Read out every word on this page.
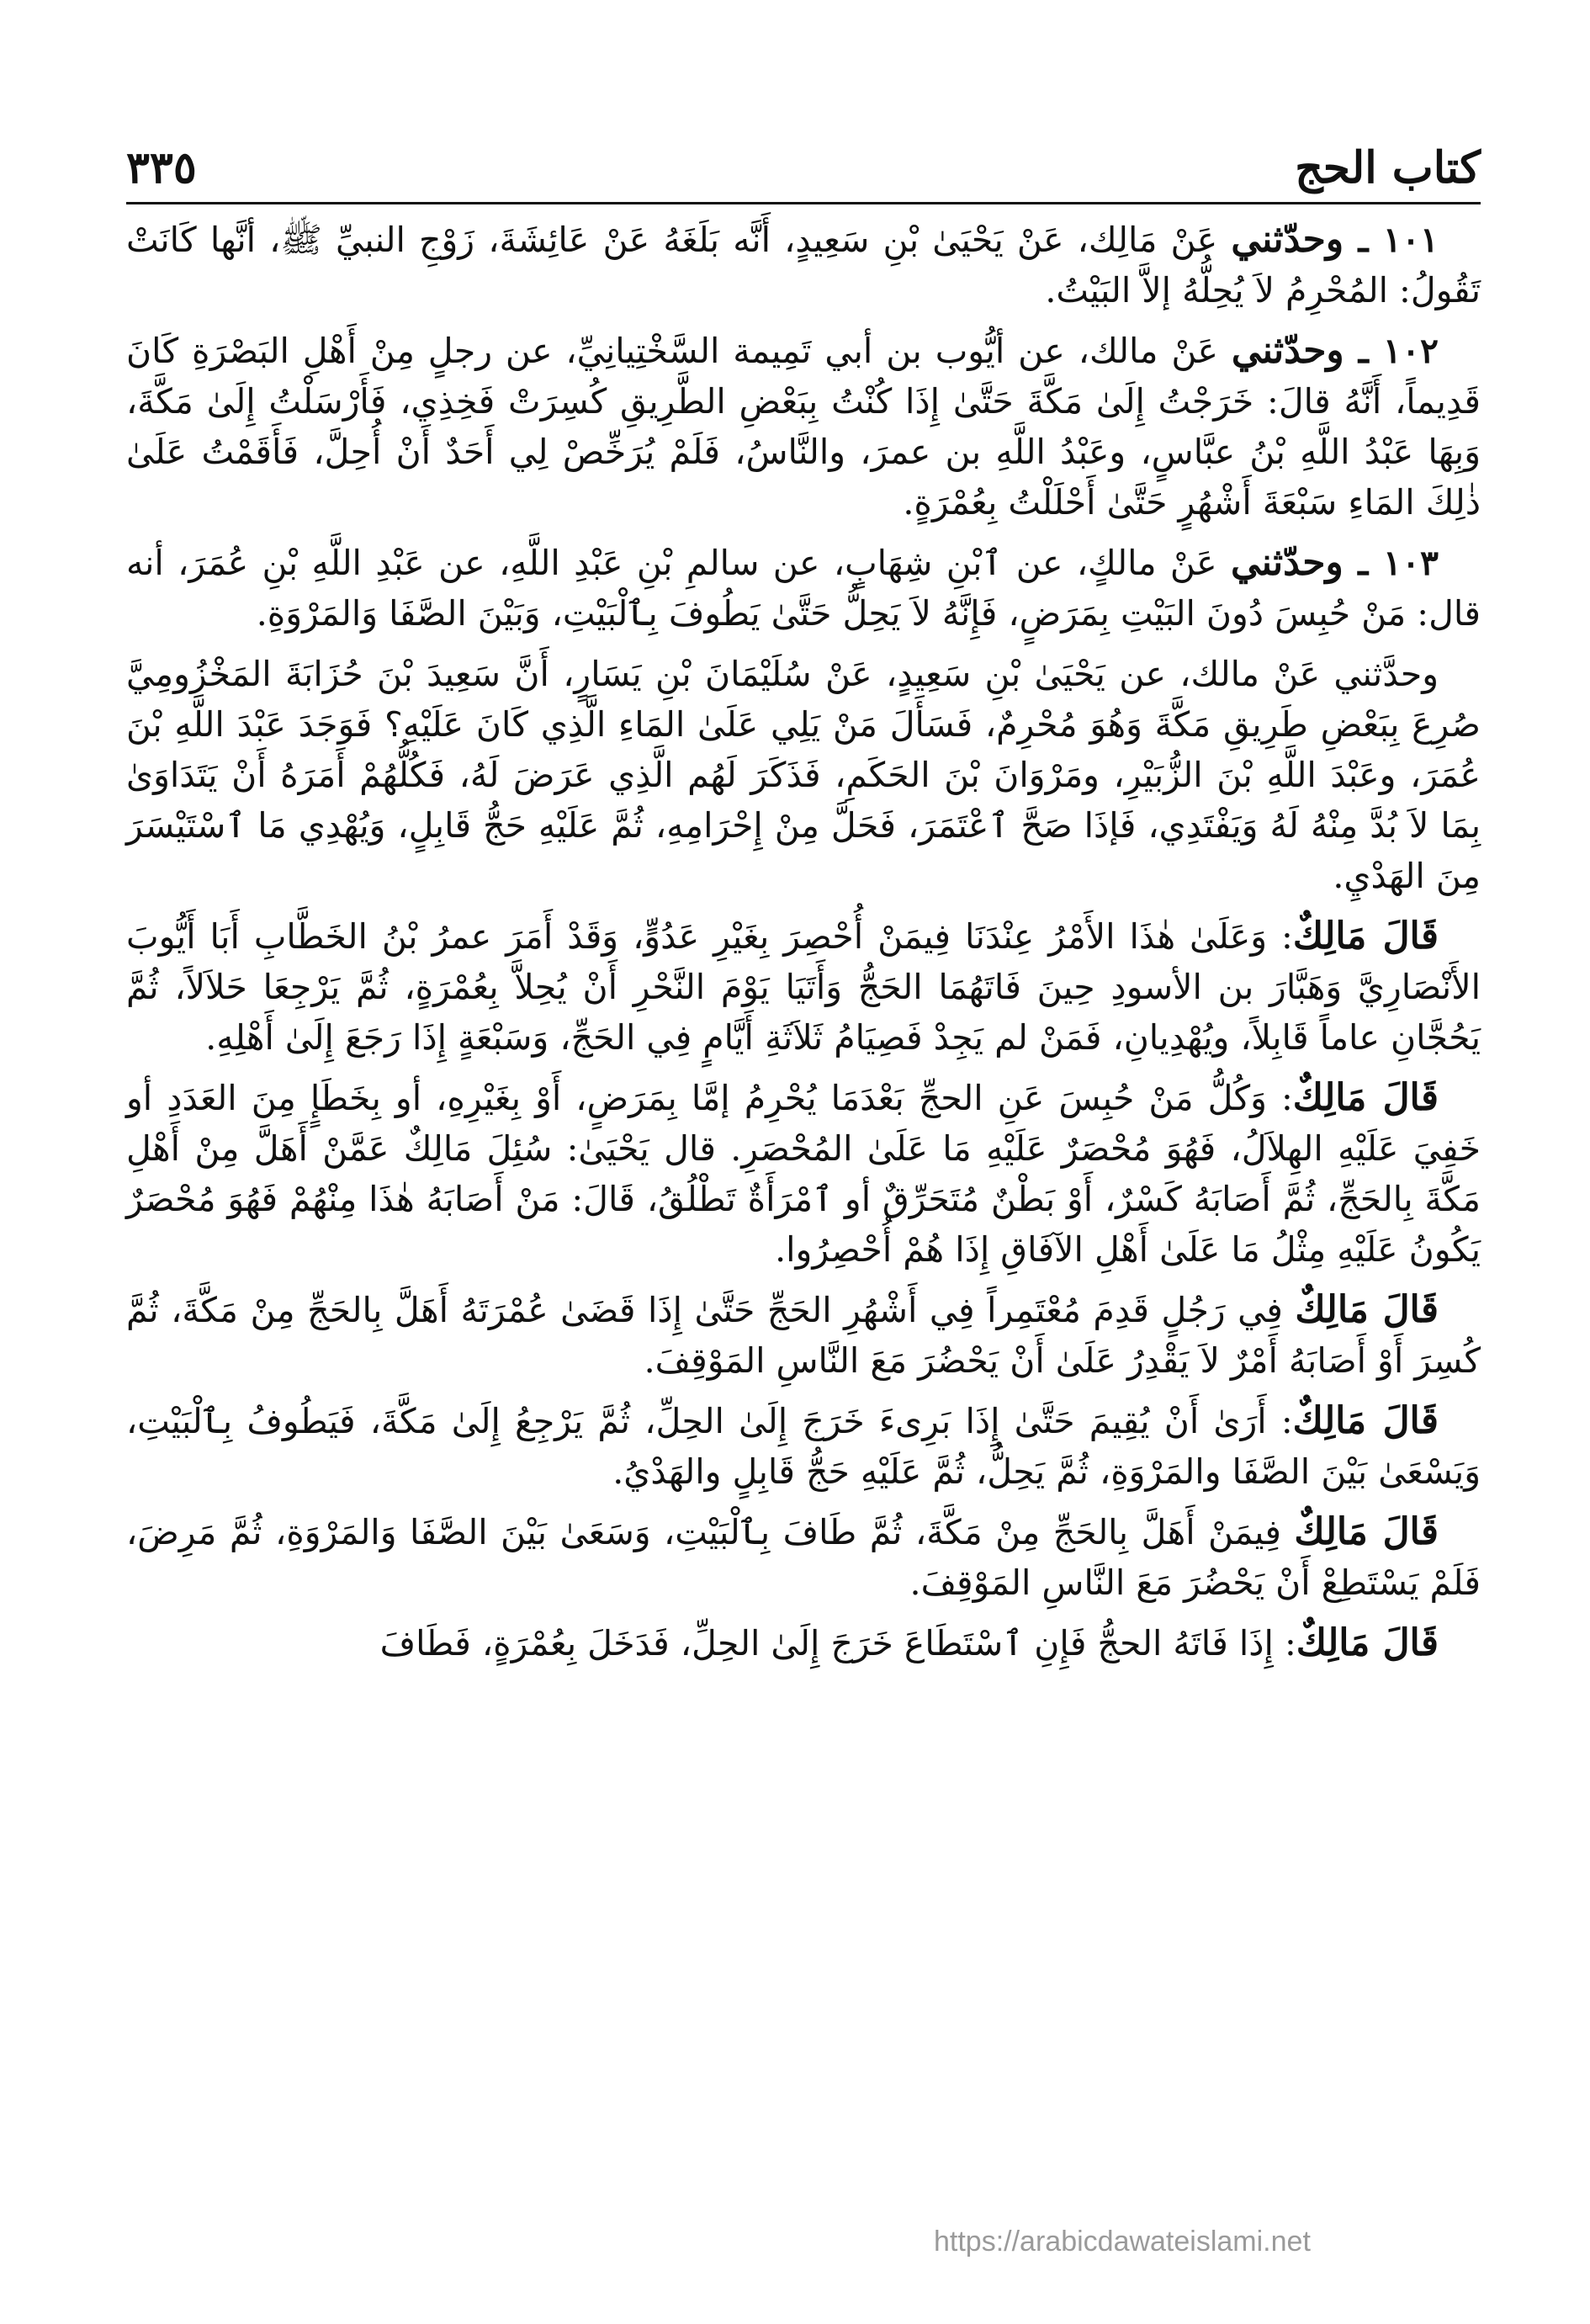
كتاب الحج
٣٣٥

١٠١ ـ وحدّثني عَنْ مَالِك، عَنْ يَحْيَىٰ بْنِ سَعِيدٍ، أَنَّه بَلَغَهُ عَنْ عَائِشَةَ، زَوْجِ النبيِّ ﷺ، أنَّها كَانَتْ تَقُولُ: المُحْرِمُ لاَ يُحِلُّهُ إلاَّ البَيْتُ.

١٠٢ ـ وحدّثني عَنْ مالك، عن أيُّوب بن أبي تَمِيمة السَّخْتِيانِيِّ، عن رجلٍ مِنْ أَهْلِ البَصْرَةِ كَانَ قَدِيماً، أَنَّهُ قالَ: خَرَجْتُ إِلَىٰ مَكَّةَ حَتَّىٰ إِذَا كُنْتُ بِبَعْضِ الطَّرِيقِ كُسِرَتْ فَخِذِي، فَأَرْسَلْتُ إِلَىٰ مَكَّةَ، وَبِهَا عَبْدُ اللَّهِ بْنُ عبَّاسٍ، وعَبْدُ اللَّهِ بن عمرَ، والنَّاسُ، فَلَمْ يُرَخِّصْ لِي أَحَدٌ أَنْ أُحِلَّ، فَأَقَمْتُ عَلَىٰ ذٰلِكَ المَاءِ سَبْعَةَ أَشْهُرٍ حَتَّىٰ أَحْلَلْتُ بِعُمْرَةٍ.

١٠٣ ـ وحدّثني عَنْ مالكٍ، عن ٱبْنِ شِهَابٍ، عن سالمِ بْنِ عَبْدِ اللَّهِ، عن عَبْدِ اللَّهِ بْنِ عُمَرَ، أنه قال: مَنْ حُبِسَ دُونَ البَيْتِ بِمَرَضٍ، فَإِنَّهُ لاَ يَحِلُّ حَتَّىٰ يَطُوفَ بِٱلْبَيْتِ، وَبَيْنَ الصَّفَا وَالمَرْوَةِ.

وحدَّثني عَنْ مالك، عن يَحْيَىٰ بْنِ سَعِيدٍ، عَنْ سُلَيْمَانَ بْنِ يَسَارٍ، أَنَّ سَعِيدَ بْنَ حُزَابَةَ المَخْزُومِيَّ صُرِعَ بِبَعْضِ طَرِيقِ مَكَّةَ وَهُوَ مُحْرِمٌ، فَسَأَلَ مَنْ يَلِي عَلَىٰ المَاءِ الَّذِي كَانَ عَلَيْهِ؟ فَوَجَدَ عَبْدَ اللَّهِ بْنَ عُمَرَ، وعَبْدَ اللَّهِ بْنَ الزُّبَيْرِ، ومَرْوَانَ بْنَ الحَكَمِ، فَذَكَرَ لَهُم الَّذِي عَرَضَ لَهُ، فَكُلُّهُمْ أَمَرَهُ أَنْ يَتَدَاوَىٰ بِمَا لاَ بُدَّ مِنْهُ لَهُ وَيَفْتَدِي، فَإذَا صَحَّ ٱعْتَمَرَ، فَحَلَّ مِنْ إِحْرَامِهِ، ثُمَّ عَلَيْهِ حَجُّ قَابِلٍ، وَيُهْدِي مَا ٱسْتَيْسَرَ مِنَ الهَدْيِ.

قَالَ مَالِكٌ: وَعَلَىٰ هٰذَا الأَمْرُ عِنْدَنَا فِيمَنْ أُحْصِرَ بِغَيْرِ عَدُوٍّ، وَقَدْ أَمَرَ عمرُ بْنُ الخَطَّابِ أَبَا أَيُّوبَ الأَنْصَارِيَّ وَهَبَّارَ بن الأسودِ حِينَ فَاتَهُمَا الحَجُّ وَأَتَيَا يَوْمَ النَّحْرِ أَنْ يُحِلاَّ بِعُمْرَةٍ، ثُمَّ يَرْجِعَا حَلاَلاً، ثُمَّ يَحُجَّانِ عاماً قَابِلاً، ويُهْدِيانِ، فَمَنْ لم يَجِدْ فَصِيَامُ ثَلاَثَةِ أَيَّامٍ فِي الحَجِّ، وَسَبْعَةٍ إِذَا رَجَعَ إِلَىٰ أَهْلِهِ.

قَالَ مَالِكٌ: وَكُلُّ مَنْ حُبِسَ عَنِ الحجِّ بَعْدَمَا يُحْرِمُ إمَّا بِمَرَضٍ، أَوْ بِغَيْرِهِ، أو بِخَطَإٍ مِنَ العَدَدِ أو خَفِيَ عَلَيْهِ الهِلاَلُ، فَهُوَ مُحْصَرٌ عَلَيْهِ مَا عَلَىٰ المُحْصَرِ. قال يَحْيَىٰ: سُئِلَ مَالِكٌ عَمَّنْ أَهَلَّ مِنْ أَهْلِ مَكَّةَ بِالحَجِّ، ثُمَّ أَصَابَهُ كَسْرٌ، أَوْ بَطْنٌ مُتَحَرِّقٌ أو ٱمْرَأَةٌ تَطْلُقُ، قَالَ: مَنْ أَصَابَهُ هٰذَا مِنْهُمْ فَهُوَ مُحْصَرٌ يَكُونُ عَلَيْهِ مِثْلُ مَا عَلَىٰ أَهْلِ الآفَاقِ إِذَا هُمْ أُحْصِرُوا.

قَالَ مَالِكٌ فِي رَجُلٍ قَدِمَ مُعْتَمِراً فِي أَشْهُرِ الحَجِّ حَتَّىٰ إِذَا قَضَىٰ عُمْرَتَهُ أَهَلَّ بِالحَجِّ مِنْ مَكَّةَ، ثُمَّ كُسِرَ أَوْ أَصَابَهُ أَمْرٌ لاَ يَقْدِرُ عَلَىٰ أَنْ يَحْضُرَ مَعَ النَّاسِ المَوْقِفَ.

قَالَ مَالِكٌ: أَرَىٰ أَنْ يُقِيمَ حَتَّىٰ إِذَا بَرِىءَ خَرَجَ إِلَىٰ الحِلِّ، ثُمَّ يَرْجِعُ إِلَىٰ مَكَّةَ، فَيَطُوفُ بِٱلْبَيْتِ، وَيَسْعَىٰ بَيْنَ الصَّفَا والمَرْوَةِ، ثُمَّ يَحِلُّ، ثُمَّ عَلَيْهِ حَجُّ قَابِلٍ والهَدْيُ.

قَالَ مَالِكٌ فِيمَنْ أَهَلَّ بِالحَجِّ مِنْ مَكَّةَ، ثُمَّ طَافَ بِٱلْبَيْتِ، وَسَعَىٰ بَيْنَ الصَّفَا وَالمَرْوَةِ، ثُمَّ مَرِضَ، فَلَمْ يَسْتَطِعْ أَنْ يَحْضُرَ مَعَ النَّاسِ المَوْقِفَ.

قَالَ مَالِكٌ: إِذَا فَاتَهُ الحجُّ فَإِنِ ٱسْتَطَاعَ خَرَجَ إِلَىٰ الحِلِّ، فَدَخَلَ بِعُمْرَةٍ، فَطَافَ

https://arabicdawateislami.net
